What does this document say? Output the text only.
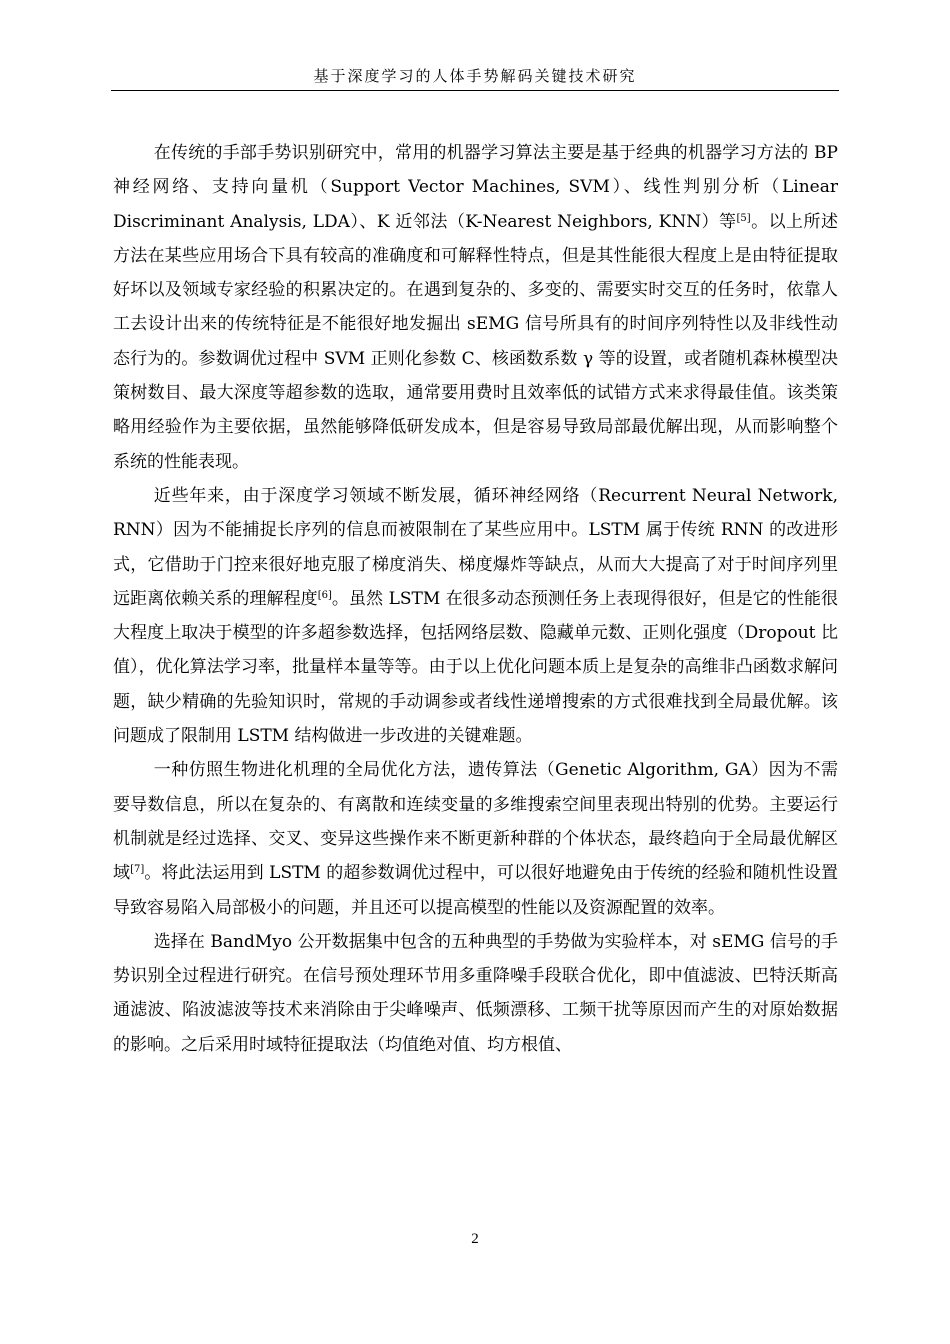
基于深度学习的人体手势解码关键技术研究

在传统的手部手势识别研究中，常用的机器学习算法主要是基于经典的机器学习方法的 BP 神经网络、支持向量机（Support Vector Machines, SVM）、线性判别分析（Linear Discriminant Analysis, LDA）、K 近邻法（K-Nearest Neighbors, KNN）等[5]。以上所述方法在某些应用场合下具有较高的准确度和可解释性特点，但是其性能很大程度上是由特征提取好坏以及领域专家经验的积累决定的。在遇到复杂的、多变的、需要实时交互的任务时，依靠人工去设计出来的传统特征是不能很好地发掘出 sEMG 信号所具有的时间序列特性以及非线性动态行为的。参数调优过程中 SVM 正则化参数 C、核函数系数 γ 等的设置，或者随机森林模型决策树数目、最大深度等超参数的选取，通常要用费时且效率低的试错方式来求得最佳值。该类策略用经验作为主要依据，虽然能够降低研发成本，但是容易导致局部最优解出现，从而影响整个系统的性能表现。

近些年来，由于深度学习领域不断发展，循环神经网络（Recurrent Neural Network, RNN）因为不能捕捉长序列的信息而被限制在了某些应用中。LSTM 属于传统 RNN 的改进形式，它借助于门控来很好地克服了梯度消失、梯度爆炸等缺点，从而大大提高了对于时间序列里远距离依赖关系的理解程度[6]。虽然 LSTM 在很多动态预测任务上表现得很好，但是它的性能很大程度上取决于模型的许多超参数选择，包括网络层数、隐藏单元数、正则化强度（Dropout 比值），优化算法学习率，批量样本量等等。由于以上优化问题本质上是复杂的高维非凸函数求解问题，缺少精确的先验知识时，常规的手动调参或者线性递增搜索的方式很难找到全局最优解。该问题成了限制用 LSTM 结构做进一步改进的关键难题。

一种仿照生物进化机理的全局优化方法，遗传算法（Genetic Algorithm, GA）因为不需要导数信息，所以在复杂的、有离散和连续变量的多维搜索空间里表现出特别的优势。主要运行机制就是经过选择、交叉、变异这些操作来不断更新种群的个体状态，最终趋向于全局最优解区域[7]。将此法运用到 LSTM 的超参数调优过程中，可以很好地避免由于传统的经验和随机性设置导致容易陷入局部极小的问题，并且还可以提高模型的性能以及资源配置的效率。

选择在 BandMyo 公开数据集中包含的五种典型的手势做为实验样本，对 sEMG 信号的手势识别全过程进行研究。在信号预处理环节用多重降噪手段联合优化，即中值滤波、巴特沃斯高通滤波、陷波滤波等技术来消除由于尖峰噪声、低频漂移、工频干扰等原因而产生的对原始数据的影响。之后采用时域特征提取法（均值绝对值、均方根值、

2
